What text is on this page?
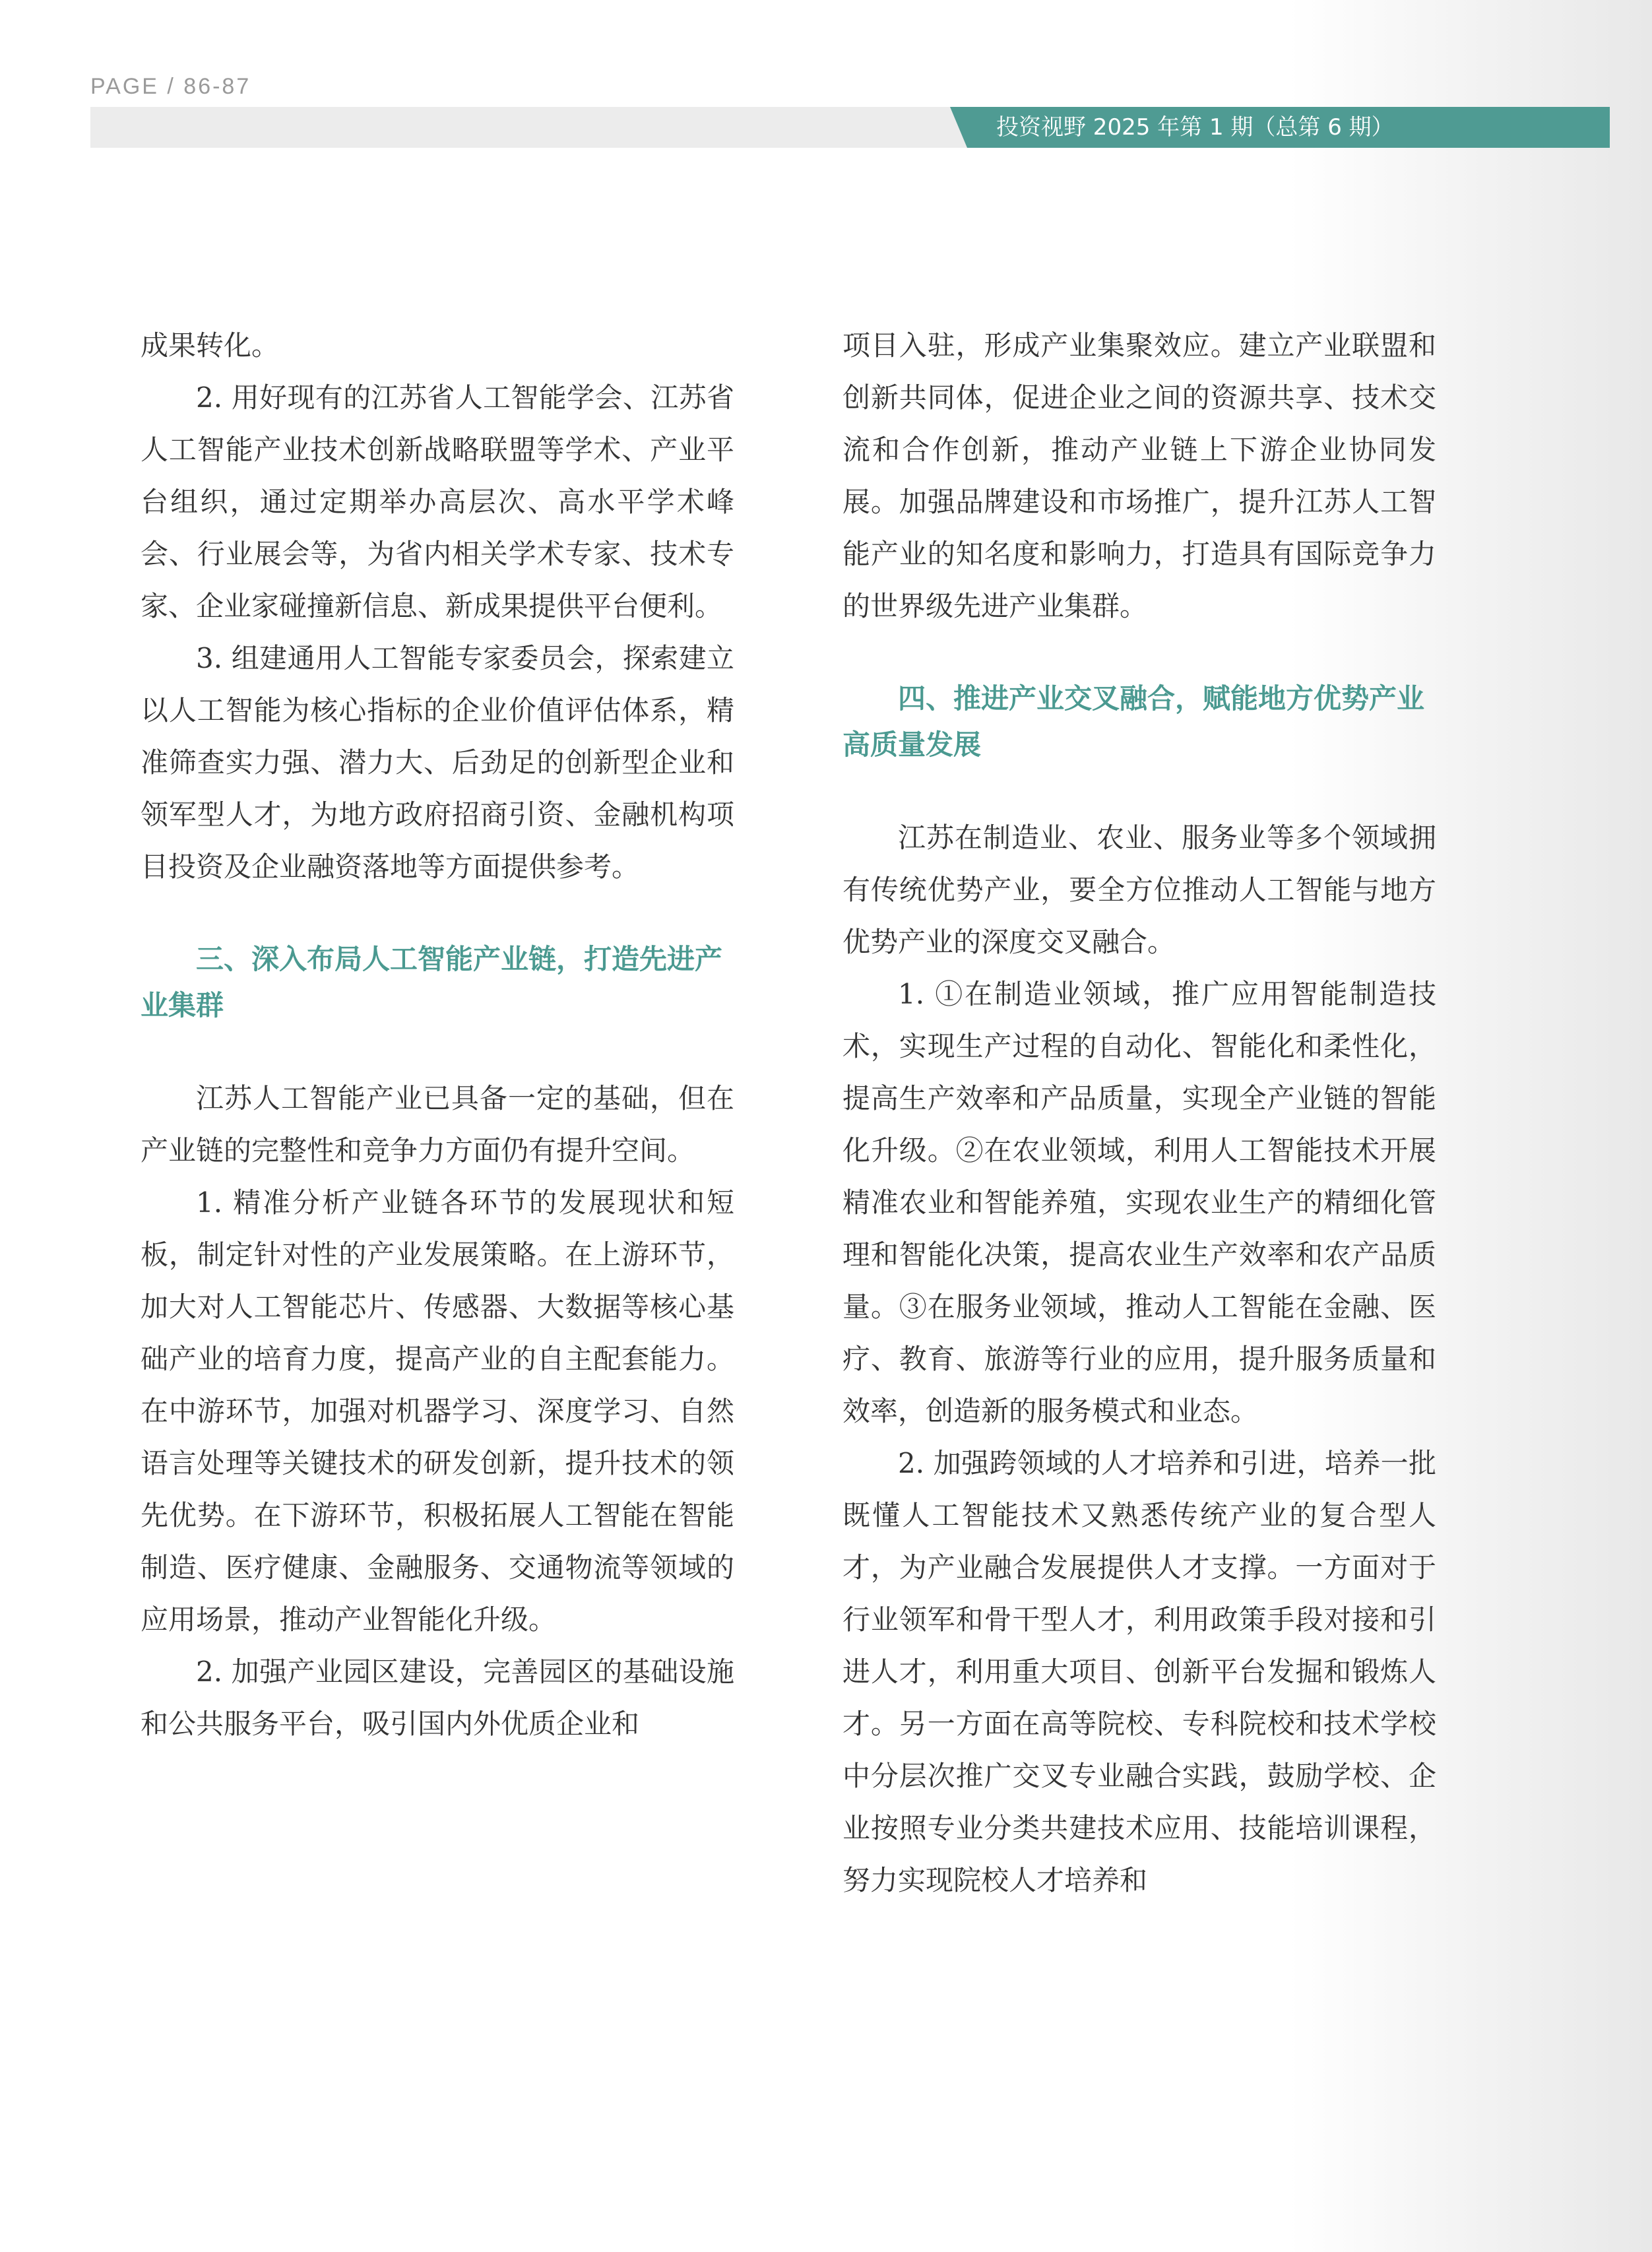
PAGE / 86-87
投资视野 2025 年第 1 期（总第 6 期）

成果转化。

2. 用好现有的江苏省人工智能学会、江苏省人工智能产业技术创新战略联盟等学术、产业平台组织，通过定期举办高层次、高水平学术峰会、行业展会等，为省内相关学术专家、技术专家、企业家碰撞新信息、新成果提供平台便利。

3. 组建通用人工智能专家委员会，探索建立以人工智能为核心指标的企业价值评估体系，精准筛查实力强、潜力大、后劲足的创新型企业和领军型人才，为地方政府招商引资、金融机构项目投资及企业融资落地等方面提供参考。

三、深入布局人工智能产业链，打造先进产业集群

江苏人工智能产业已具备一定的基础，但在产业链的完整性和竞争力方面仍有提升空间。

1. 精准分析产业链各环节的发展现状和短板，制定针对性的产业发展策略。在上游环节，加大对人工智能芯片、传感器、大数据等核心基础产业的培育力度，提高产业的自主配套能力。在中游环节，加强对机器学习、深度学习、自然语言处理等关键技术的研发创新，提升技术的领先优势。在下游环节，积极拓展人工智能在智能制造、医疗健康、金融服务、交通物流等领域的应用场景，推动产业智能化升级。

2. 加强产业园区建设，完善园区的基础设施和公共服务平台，吸引国内外优质企业和

项目入驻，形成产业集聚效应。建立产业联盟和创新共同体，促进企业之间的资源共享、技术交流和合作创新，推动产业链上下游企业协同发展。加强品牌建设和市场推广，提升江苏人工智能产业的知名度和影响力，打造具有国际竞争力的世界级先进产业集群。

四、推进产业交叉融合，赋能地方优势产业高质量发展

江苏在制造业、农业、服务业等多个领域拥有传统优势产业，要全方位推动人工智能与地方优势产业的深度交叉融合。

1. ①在制造业领域，推广应用智能制造技术，实现生产过程的自动化、智能化和柔性化，提高生产效率和产品质量，实现全产业链的智能化升级。②在农业领域，利用人工智能技术开展精准农业和智能养殖，实现农业生产的精细化管理和智能化决策，提高农业生产效率和农产品质量。③在服务业领域，推动人工智能在金融、医疗、教育、旅游等行业的应用，提升服务质量和效率，创造新的服务模式和业态。

2. 加强跨领域的人才培养和引进，培养一批既懂人工智能技术又熟悉传统产业的复合型人才，为产业融合发展提供人才支撑。一方面对于行业领军和骨干型人才，利用政策手段对接和引进人才，利用重大项目、创新平台发掘和锻炼人才。另一方面在高等院校、专科院校和技术学校中分层次推广交叉专业融合实践，鼓励学校、企业按照专业分类共建技术应用、技能培训课程，努力实现院校人才培养和
